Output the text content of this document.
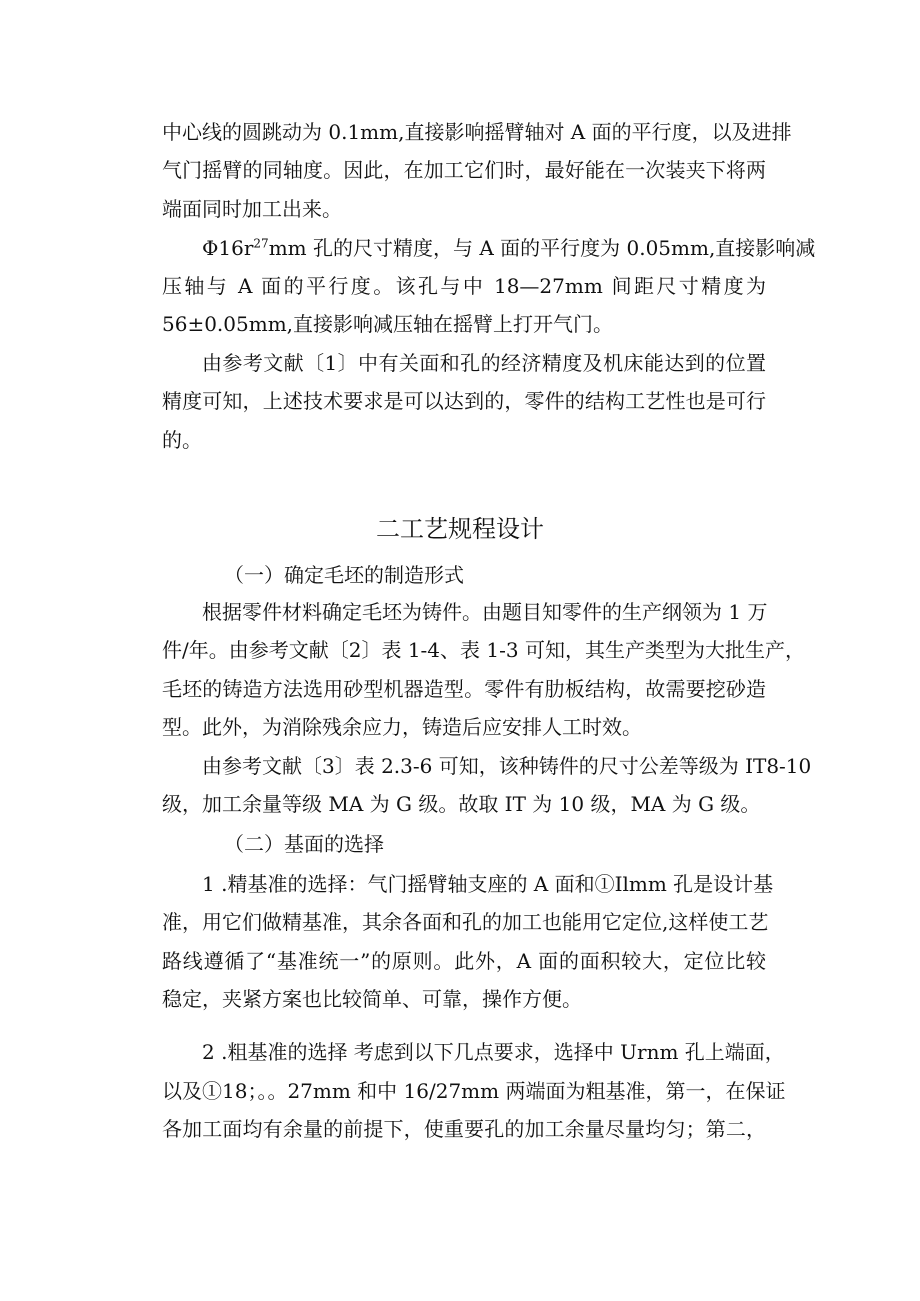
中心线的圆跳动为 0.1mm,直接影响摇臂轴对 A 面的平行度，以及进排
气门摇臂的同轴度。因此，在加工它们时，最好能在一次装夹下将两
端面同时加工出来。
$\Phi 16r^{27}mm$ 孔的尺寸精度，与 A 面的平行度为 0.05mm,直接影响减
压轴与 A 面的平行度。该孔与中 18—27mm 间距尺寸精度为
56±0.05mm,直接影响减压轴在摇臂上打开气门。
由参考文献〔1〕中有关面和孔的经济精度及机床能达到的位置
精度可知，上述技术要求是可以达到的，零件的结构工艺性也是可行
的。
二工艺规程设计
（一）确定毛坯的制造形式
根据零件材料确定毛坯为铸件。由题目知零件的生产纲领为 1 万
件/年。由参考文献〔2〕表 1-4、表 1-3 可知，其生产类型为大批生产，
毛坯的铸造方法选用砂型机器造型。零件有肋板结构，故需要挖砂造
型。此外，为消除残余应力，铸造后应安排人工时效。
由参考文献〔3〕表 2.3-6 可知，该种铸件的尺寸公差等级为 IT8-10
级，加工余量等级 MA 为 G 级。故取 IT 为 10 级，MA 为 G 级。
（二）基面的选择
1 .精基准的选择：气门摇臂轴支座的 A 面和①Ilmm 孔是设计基
准，用它们做精基准，其余各面和孔的加工也能用它定位,这样使工艺
路线遵循了“基准统一”的原则。此外，A 面的面积较大，定位比较
稳定，夹紧方案也比较简单、可靠，操作方便。
2 .粗基准的选择 考虑到以下几点要求，选择中 Urnm 孔上端面，
以及①18；。。27mm 和中 16/27mm 两端面为粗基准，第一，在保证
各加工面均有余量的前提下，使重要孔的加工余量尽量均匀；第二，
